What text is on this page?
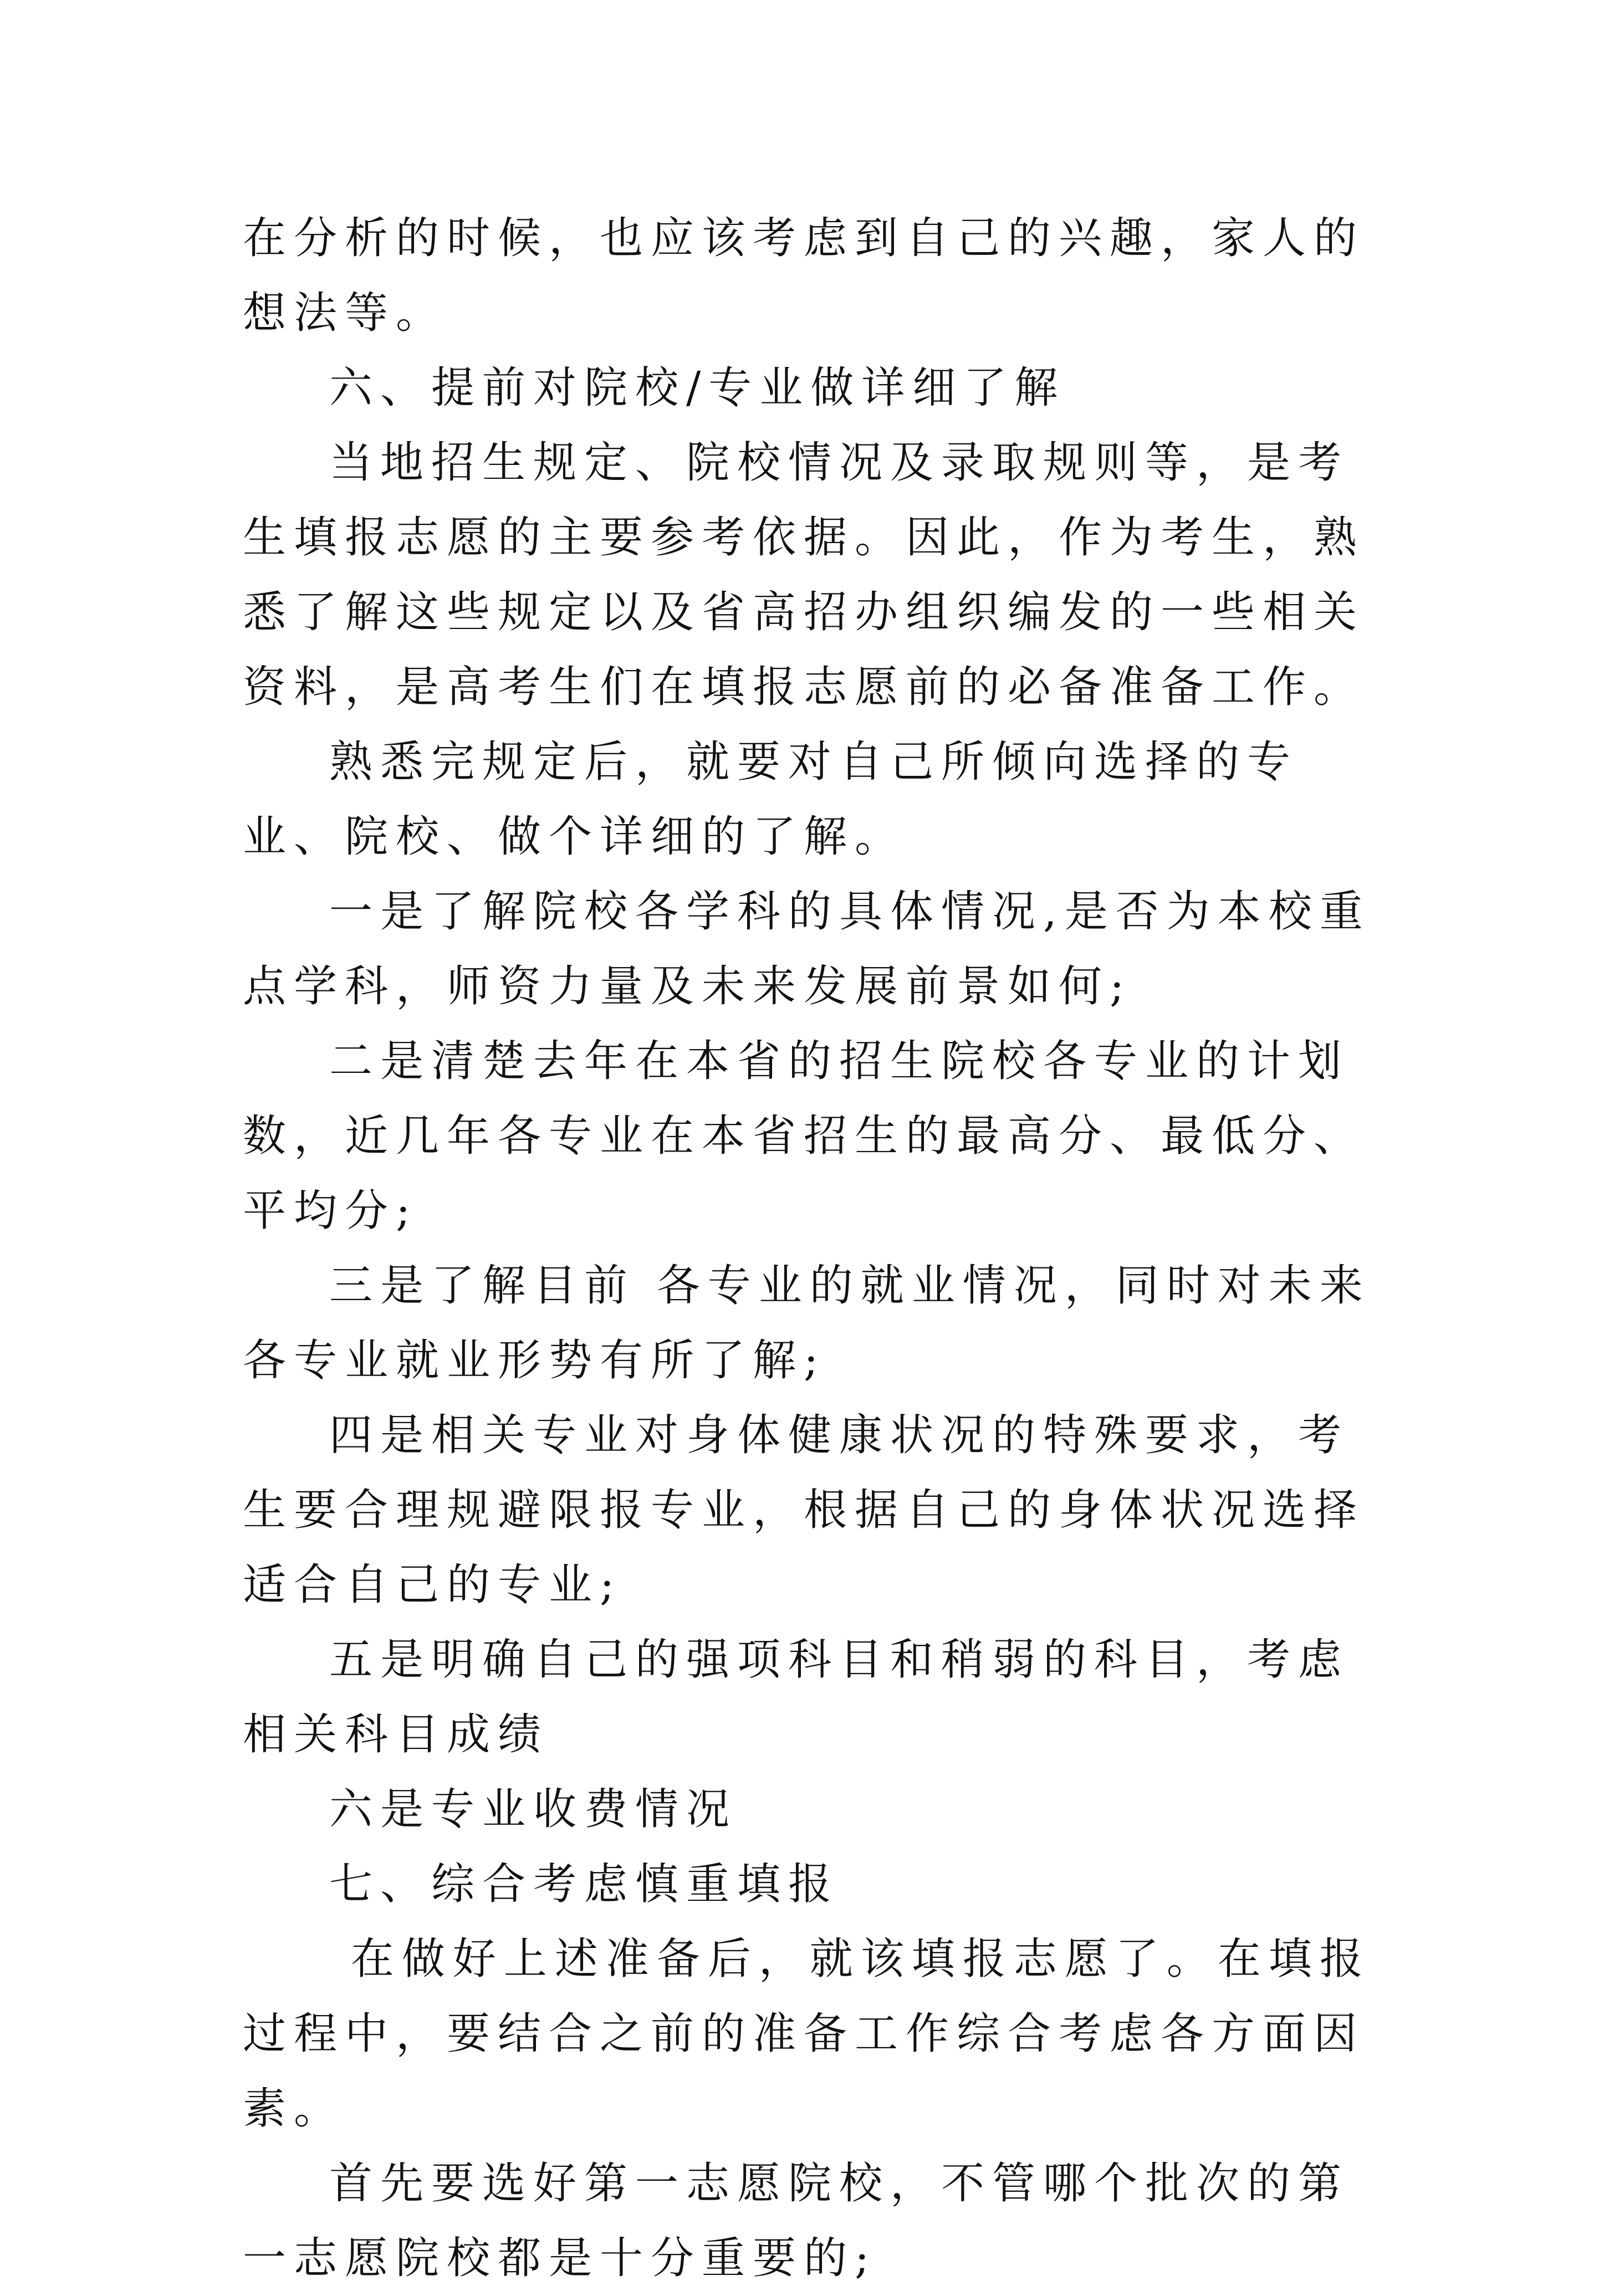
在分析的时候，也应该考虑到自己的兴趣，家人的想法等。

六、提前对院校/专业做详细了解

当地招生规定、院校情况及录取规则等，是考生填报志愿的主要参考依据。因此，作为考生，熟悉了解这些规定以及省高招办组织编发的一些相关资料，是高考生们在填报志愿前的必备准备工作。

熟悉完规定后，就要对自己所倾向选择的专业、院校、做个详细的了解。

一是了解院校各学科的具体情况,是否为本校重点学科，师资力量及未来发展前景如何;

二是清楚去年在本省的招生院校各专业的计划数，近几年各专业在本省招生的最高分、最低分、平均分;

三是了解目前 各专业的就业情况，同时对未来各专业就业形势有所了解;

四是相关专业对身体健康状况的特殊要求，考生要合理规避限报专业，根据自己的身体状况选择适合自己的专业;

五是明确自己的强项科目和稍弱的科目，考虑相关科目成绩

六是专业收费情况

七、综合考虑慎重填报

在做好上述准备后，就该填报志愿了。在填报过程中，要结合之前的准备工作综合考虑各方面因素。

首先要选好第一志愿院校，不管哪个批次的第一志愿院校都是十分重要的;
